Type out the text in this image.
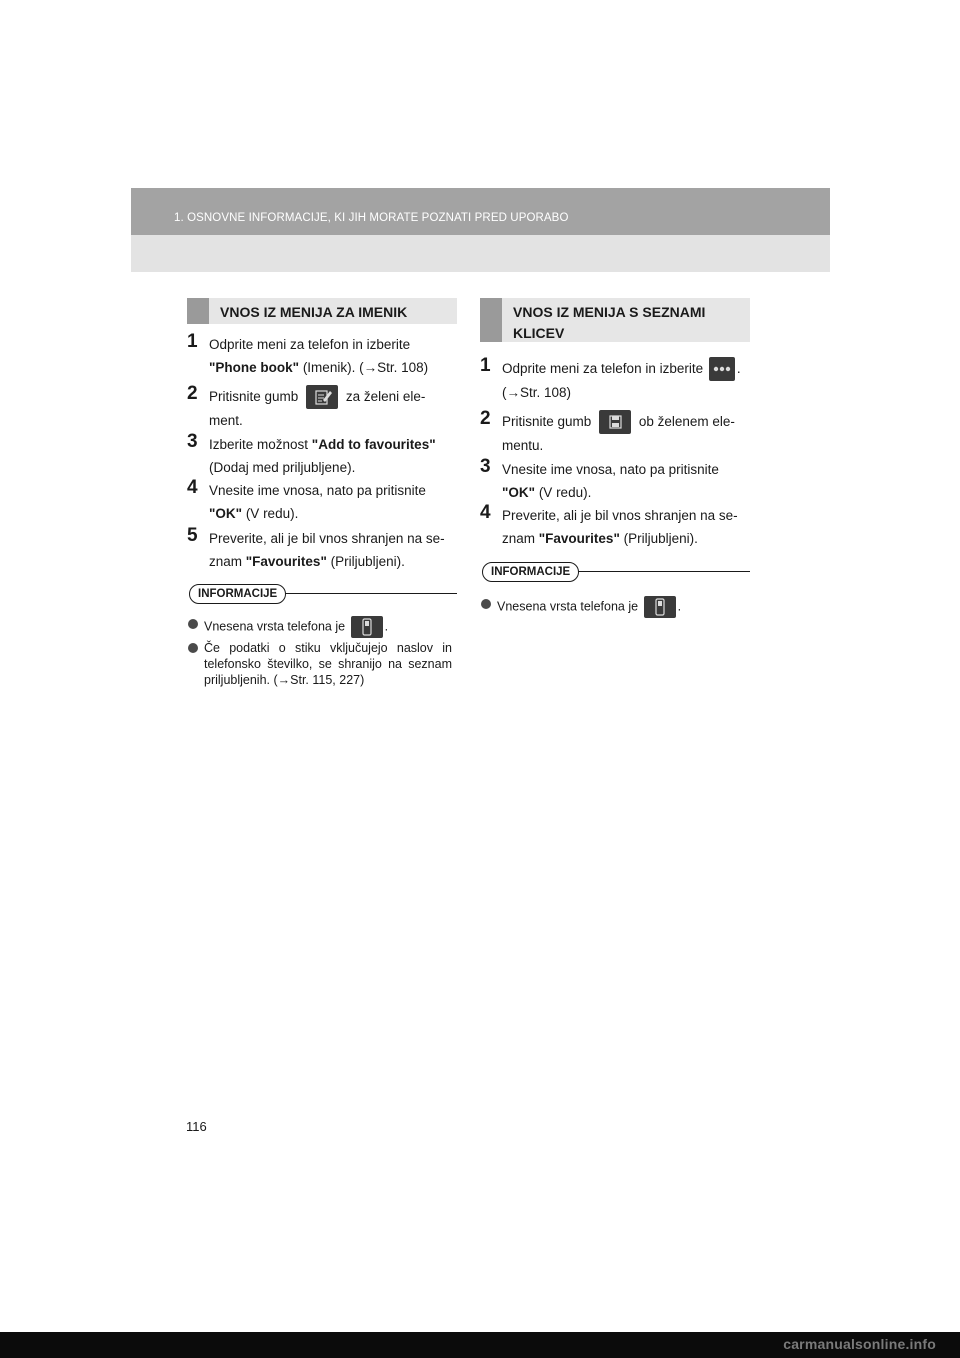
1. OSNOVNE INFORMACIJE, KI JIH MORATE POZNATI PRED UPORABO
VNOS IZ MENIJA ZA IMENIK
1 Odprite meni za telefon in izberite
"Phone book" (Imenik). (→Str. 108)
2 Pritisnite gumb	za želeni ele-
ment.
3 Izberite možnost "Add to favourites"
(Dodaj med priljubljene).
4 Vnesite ime vnosa, nato pa pritisnite
"OK" (V redu).
5 Preverite, ali je bil vnos shranjen na se-
znam "Favourites" (Priljubljeni).
INFORMACIJE
Vnesena vrsta telefona je	.
Če podatki o stiku vključujejo naslov in telefonsko številko, se shranijo na seznam priljubljenih. (→Str. 115, 227)
VNOS IZ MENIJA S SEZNAMI KLICEV
1 Odprite meni za telefon in izberite	.
(→Str. 108)
2 Pritisnite gumb	ob želenem ele-
mentu.
3 Vnesite ime vnosa, nato pa pritisnite
"OK" (V redu).
4 Preverite, ali je bil vnos shranjen na se-
znam "Favourites" (Priljubljeni).
INFORMACIJE
Vnesena vrsta telefona je	.
116
carmanualsonline.info
